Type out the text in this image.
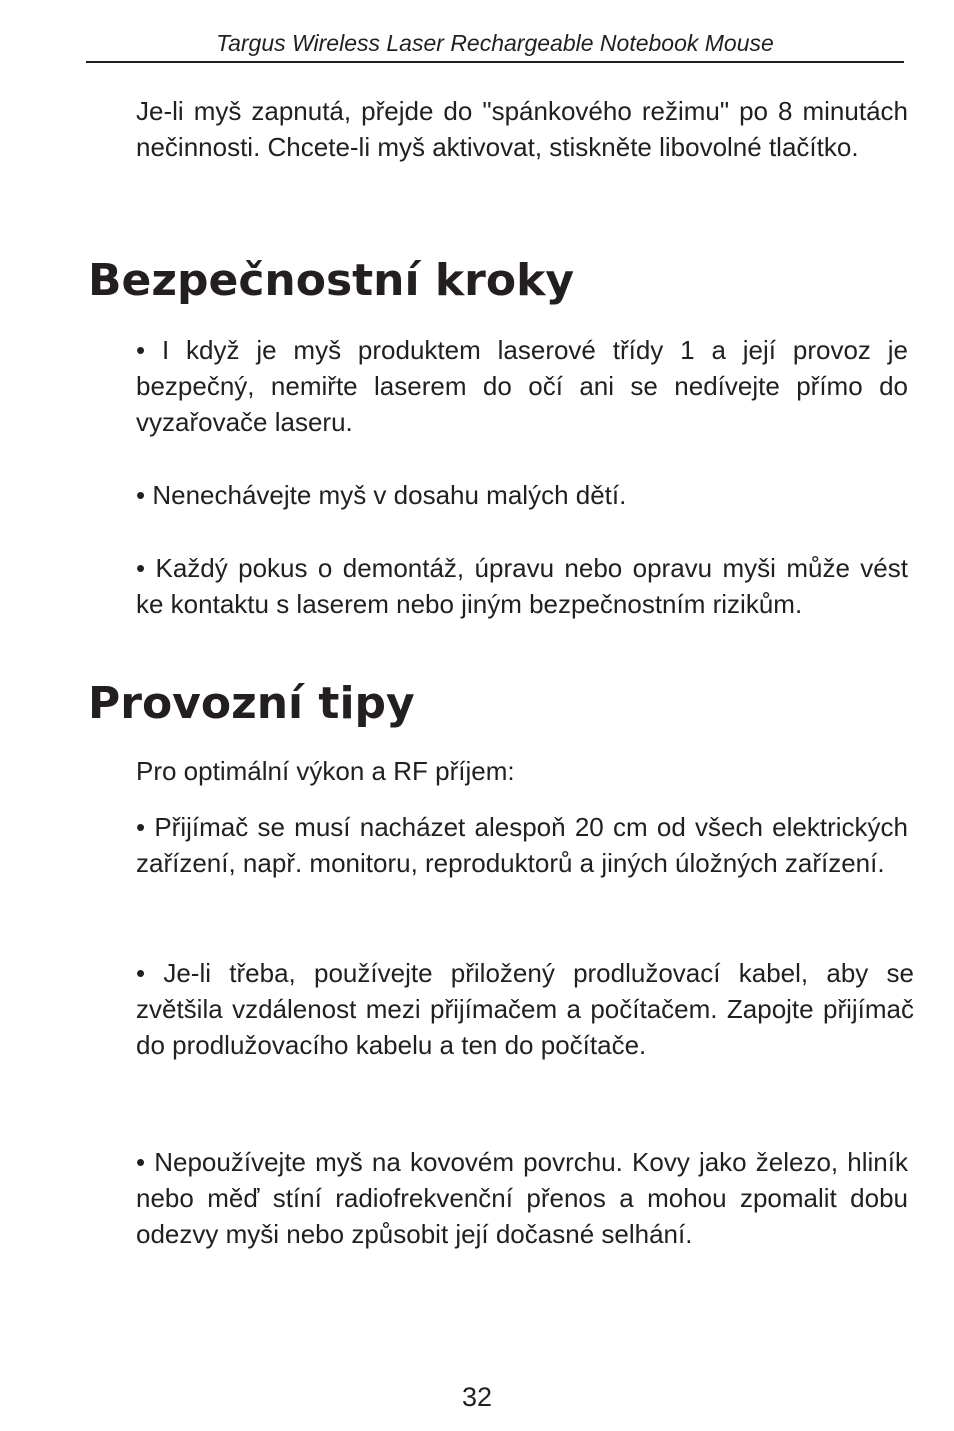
Targus Wireless Laser Rechargeable Notebook Mouse

Je-li myš zapnutá, přejde do "spánkového režimu" po 8 minutách nečinnosti. Chcete-li myš aktivovat, stiskněte libovolné tlačítko.

Bezpečnostní kroky

• I když je myš produktem laserové třídy 1 a její provoz je bezpečný, nemiřte laserem do očí ani se nedívejte přímo do vyzařovače laseru.

• Nenechávejte myš v dosahu malých dětí.

• Každý pokus o demontáž, úpravu nebo opravu myši může vést ke kontaktu s laserem nebo jiným bezpečnostním rizikům.

Provozní tipy

Pro optimální výkon a RF příjem:

• Přijímač se musí nacházet alespoň 20 cm od všech elektrických zařízení, např. monitoru, reproduktorů a jiných úložných zařízení.

• Je-li třeba, používejte přiložený prodlužovací kabel, aby se zvětšila vzdálenost mezi přijímačem a počítačem. Zapojte přijímač do prodlužovacího kabelu a ten do počítače.

• Nepoužívejte myš na kovovém povrchu. Kovy jako železo, hliník nebo měď stíní radiofrekvenční přenos a mohou zpomalit dobu odezvy myši nebo způsobit její dočasné selhání.

32
